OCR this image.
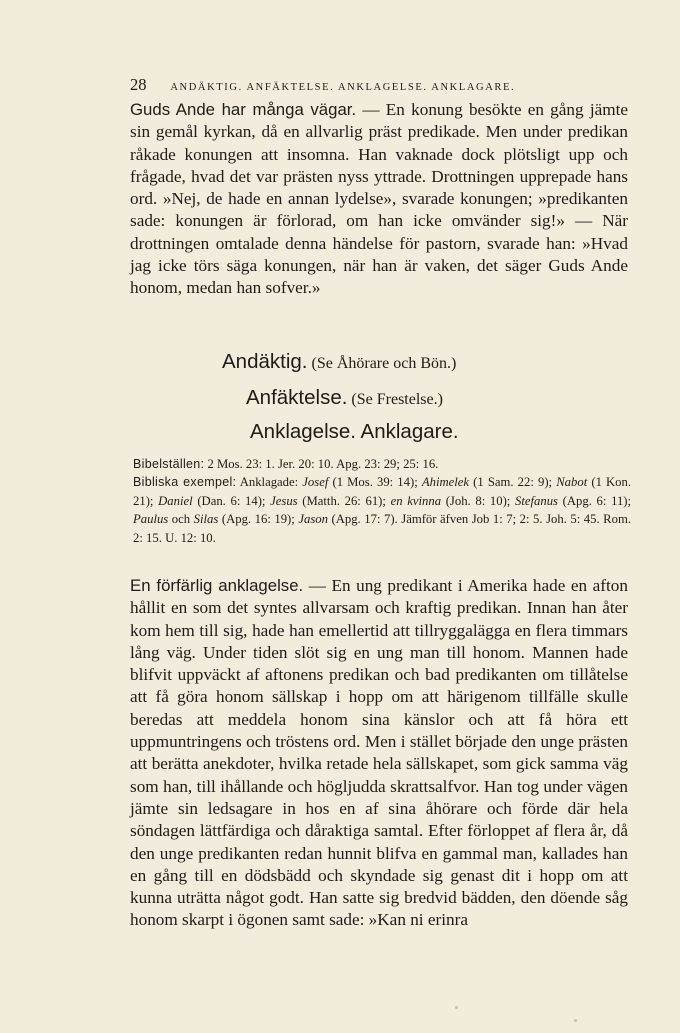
28 ANDÄKTIG. ANFÄKTELSE. ANKLAGELSE. ANKLAGARE.
Guds Ande har många vägar. — En konung besökte en gång jämte sin gemål kyrkan, då en allvarlig präst predikade. Men under predikan råkade konungen att insomna. Han vaknade dock plötsligt upp och frågade, hvad det var prästen nyss yttrade. Drottningen upprepade hans ord. »Nej, de hade en annan lydelse», svarade konungen; »predikanten sade: konungen är förlorad, om han icke omvänder sig!» — När drottningen omtalade denna händelse för pastorn, svarade han: »Hvad jag icke törs säga konungen, när han är vaken, det säger Guds Ande honom, medan han sofver.»
Andäktig. (Se Åhörare och Bön.)
Anfäktelse. (Se Frestelse.)
Anklagelse. Anklagare.
Bibelställen: 2 Mos. 23: 1. Jer. 20: 10. Apg. 23: 29; 25: 16.
Bibliska exempel: Anklagade: Josef (1 Mos. 39: 14); Ahimelek (1 Sam. 22: 9); Nabot (1 Kon. 21); Daniel (Dan. 6: 14); Jesus (Matth. 26: 61); en kvinna (Joh. 8: 10); Stefanus (Apg. 6: 11); Paulus och Silas (Apg. 16: 19); Jason (Apg. 17: 7). Jämför äfven Job 1: 7; 2: 5. Joh. 5: 45. Rom. 2: 15. U. 12: 10.
En förfärlig anklagelse. — En ung predikant i Amerika hade en afton hållit en som det syntes allvarsam och kraftig predikan. Innan han åter kom hem till sig, hade han emellertid att tillryggalägga en flera timmars lång väg. Under tiden slöt sig en ung man till honom. Mannen hade blifvit uppväckt af aftonens predikan och bad predikanten om tillåtelse att få göra honom sällskap i hopp om att härigenom tillfälle skulle beredas att meddela honom sina känslor och att få höra ett uppmuntringens och tröstens ord. Men i stället började den unge prästen att berätta anekdoter, hvilka retade hela sällskapet, som gick samma väg som han, till ihållande och högljudda skrattsalfvor. Han tog under vägen jämte sin ledsagare in hos en af sina åhörare och förde där hela söndagen lättfärdiga och dåraktiga samtal. Efter förloppet af flera år, då den unge predikanten redan hunnit blifva en gammal man, kallades han en gång till en dödsbädd och skyndade sig genast dit i hopp om att kunna uträtta något godt. Han satte sig bredvid bädden, den döende såg honom skarpt i ögonen samt sade: »Kan ni erinra
